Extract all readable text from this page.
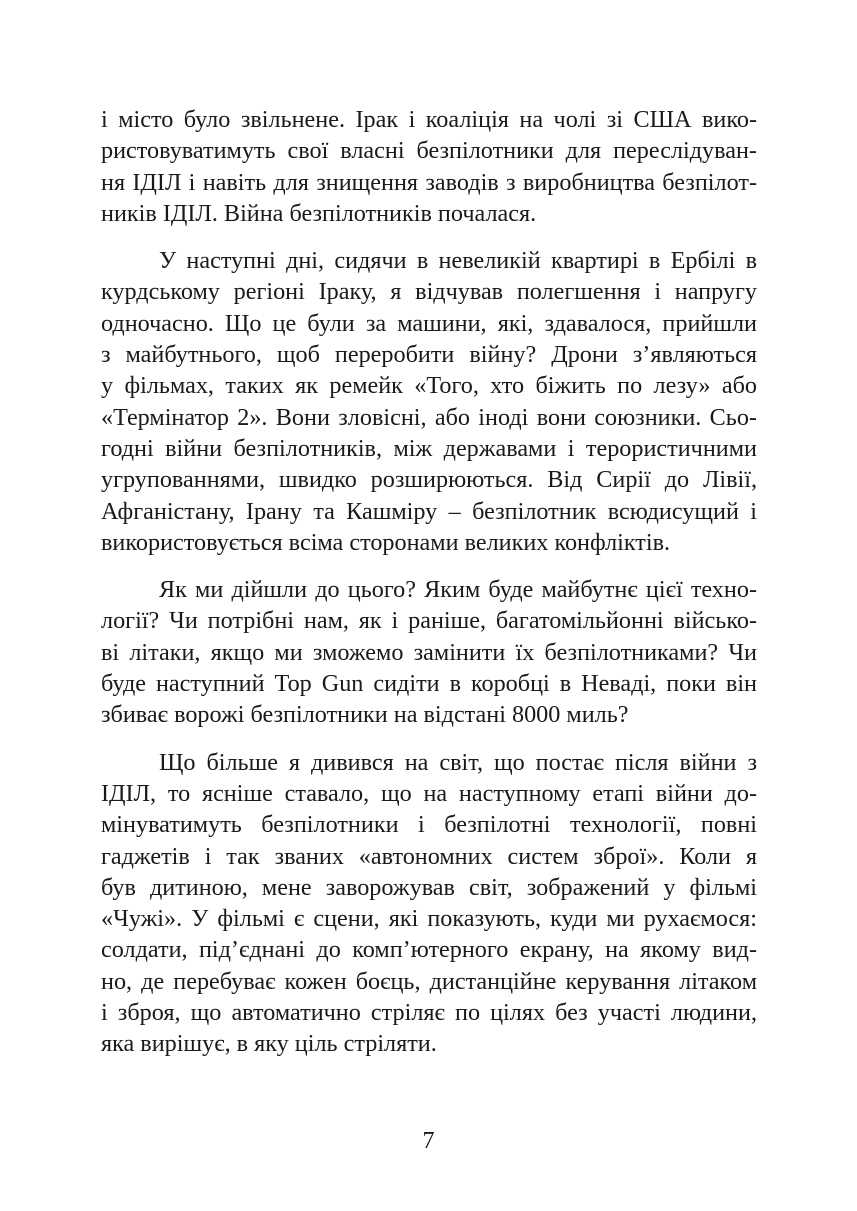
і місто було звільнене. Ірак і коаліція на чолі зі США вико-
ристовуватимуть свої власні безпілотники для переслідуван-
ня ІДІЛ і навіть для знищення заводів з виробництва безпілот-
ників ІДІЛ. Війна безпілотників почалася.
У наступні дні, сидячи в невеликій квартирі в Ербілі в
курдському регіоні Іраку, я відчував полегшення і напругу
одночасно. Що це були за машини, які, здавалося, прийшли
з майбутнього, щоб переробити війну? Дрони з’являються
у фільмах, таких як ремейк «Того, хто біжить по лезу» або
«Термінатор 2». Вони зловісні, або іноді вони союзники. Сьо-
годні війни безпілотників, між державами і терористичними
угрупованнями, швидко розширюються. Від Сирії до Лівії,
Афганістану, Ірану та Кашміру – безпілотник всюдисущий і
використовується всіма сторонами великих конфліктів.
Як ми дійшли до цього? Яким буде майбутнє цієї техно-
логії? Чи потрібні нам, як і раніше, багатомільйонні військо-
ві літаки, якщо ми зможемо замінити їх безпілотниками? Чи
буде наступний Top Gun сидіти в коробці в Неваді, поки він
збиває ворожі безпілотники на відстані 8000 миль?
Що більше я дивився на світ, що постає після війни з
ІДІЛ, то ясніше ставало, що на наступному етапі війни до-
мінуватимуть безпілотники і безпілотні технології, повні
гаджетів і так званих «автономних систем зброї». Коли я
був дитиною, мене заворожував світ, зображений у фільмі
«Чужі». У фільмі є сцени, які показують, куди ми рухаємося:
солдати, під’єднані до комп’ютерного екрану, на якому вид-
но, де перебуває кожен боєць, дистанційне керування літаком
і зброя, що автоматично стріляє по цілях без участі людини,
яка вирішує, в яку ціль стріляти.
7
